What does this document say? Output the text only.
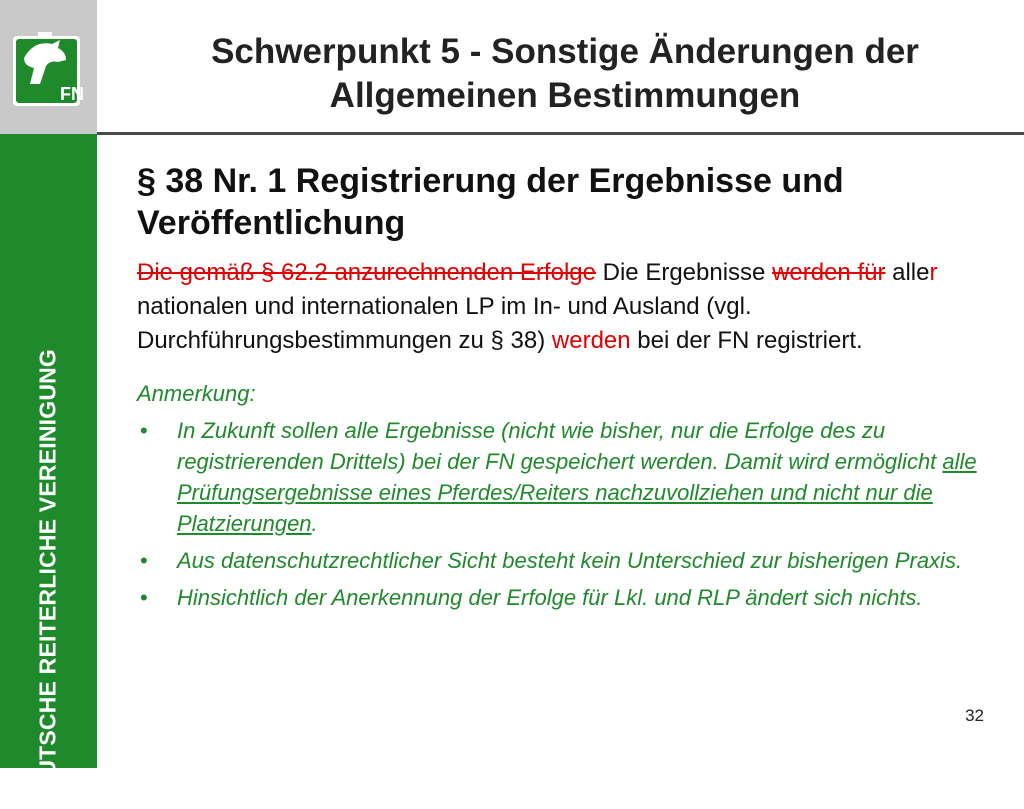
FN
DEUTSCHE REITERLICHE VEREINIGUNG
Schwerpunkt 5 - Sonstige Änderungen der
Allgemeinen Bestimmungen
§ 38 Nr. 1 Registrierung der Ergebnisse und
Veröffentlichung

Die gemäß § 62.2 anzurechnenden Erfolge Die Ergebnisse werden für aller nationalen und internationalen LP im In- und Ausland (vgl. Durchführungsbestimmungen zu § 38) werden bei der FN registriert.

Anmerkung:

• In Zukunft sollen alle Ergebnisse (nicht wie bisher, nur die Erfolge des zu registrierenden Drittels) bei der FN gespeichert werden. Damit wird ermöglicht alle Prüfungsergebnisse eines Pferdes/Reiters nachzuvollziehen und nicht nur die Platzierungen.
• Aus datenschutzrechtlicher Sicht besteht kein Unterschied zur bisherigen Praxis.
• Hinsichtlich der Anerkennung der Erfolge für Lkl. und RLP ändert sich nichts.
32
